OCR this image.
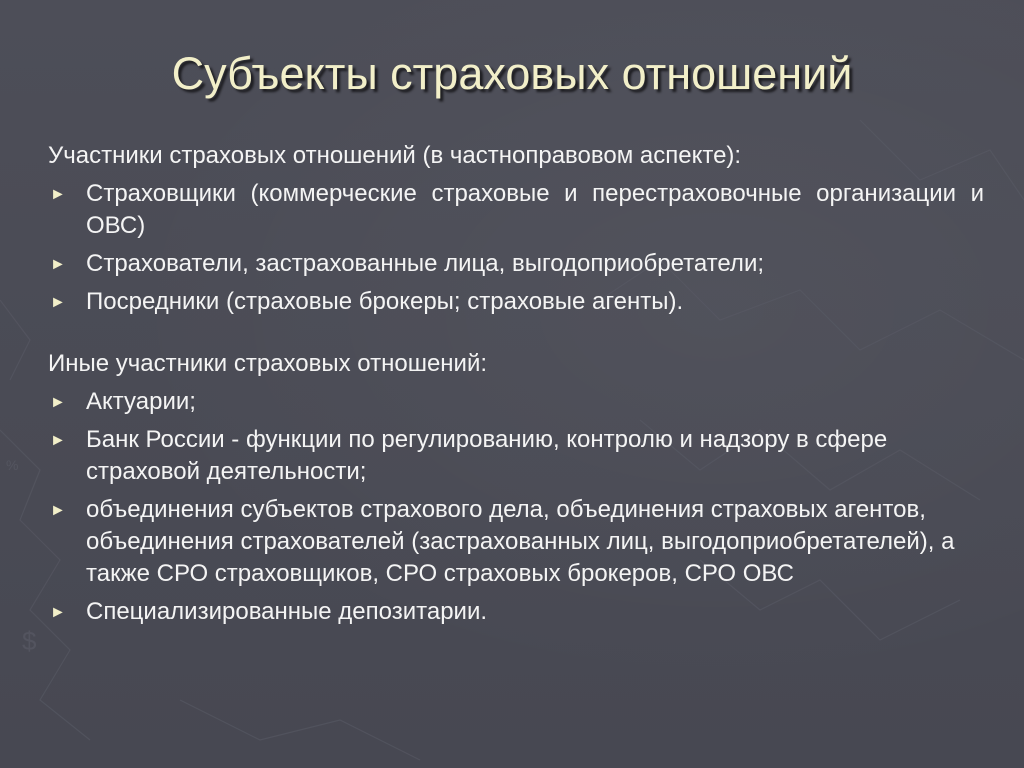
$
%
Субъекты страховых отношений
Участники страховых отношений (в частноправовом аспекте):
► Страховщики (коммерческие страховые и перестраховочные организации и ОВС)
► Страхователи, застрахованные лица, выгодоприобретатели;
► Посредники (страховые брокеры; страховые агенты).
Иные участники страховых отношений:
► Актуарии;
► Банк России - функции по регулированию, контролю и надзору в сфере страховой деятельности;
► объединения субъектов страхового дела, объединения страховых агентов, объединения страхователей (застрахованных лиц, выгодоприобретателей), а также СРО страховщиков, СРО страховых брокеров, СРО ОВС
► Специализированные депозитарии.
